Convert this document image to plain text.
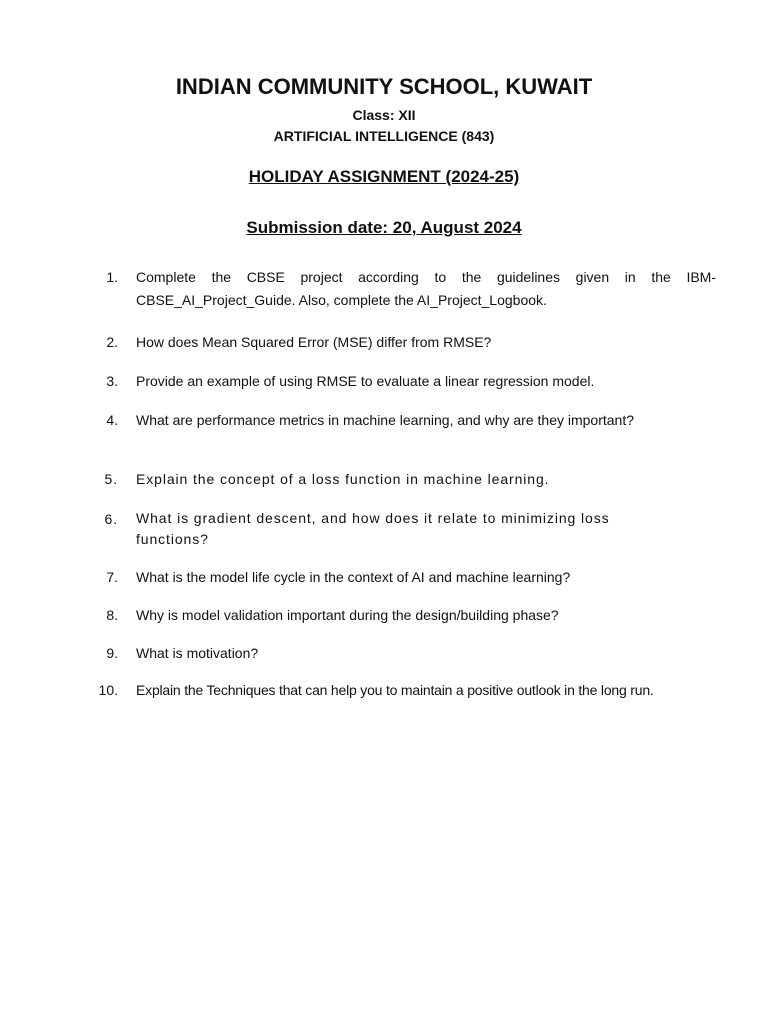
INDIAN COMMUNITY SCHOOL, KUWAIT
Class: XII
ARTIFICIAL INTELLIGENCE (843)
HOLIDAY ASSIGNMENT (2024-25)
Submission date: 20, August 2024
1. Complete the CBSE project according to the guidelines given in the IBM-CBSE_AI_Project_Guide. Also, complete the AI_Project_Logbook.
2. How does Mean Squared Error (MSE) differ from RMSE?
3. Provide an example of using RMSE to evaluate a linear regression model.
4. What are performance metrics in machine learning, and why are they important?
5. Explain the concept of a loss function in machine learning.
6. What is gradient descent, and how does it relate to minimizing loss functions?
7. What is the model life cycle in the context of AI and machine learning?
8. Why is model validation important during the design/building phase?
9. What is motivation?
10. Explain the Techniques that can help you to maintain a positive outlook in the long run.
